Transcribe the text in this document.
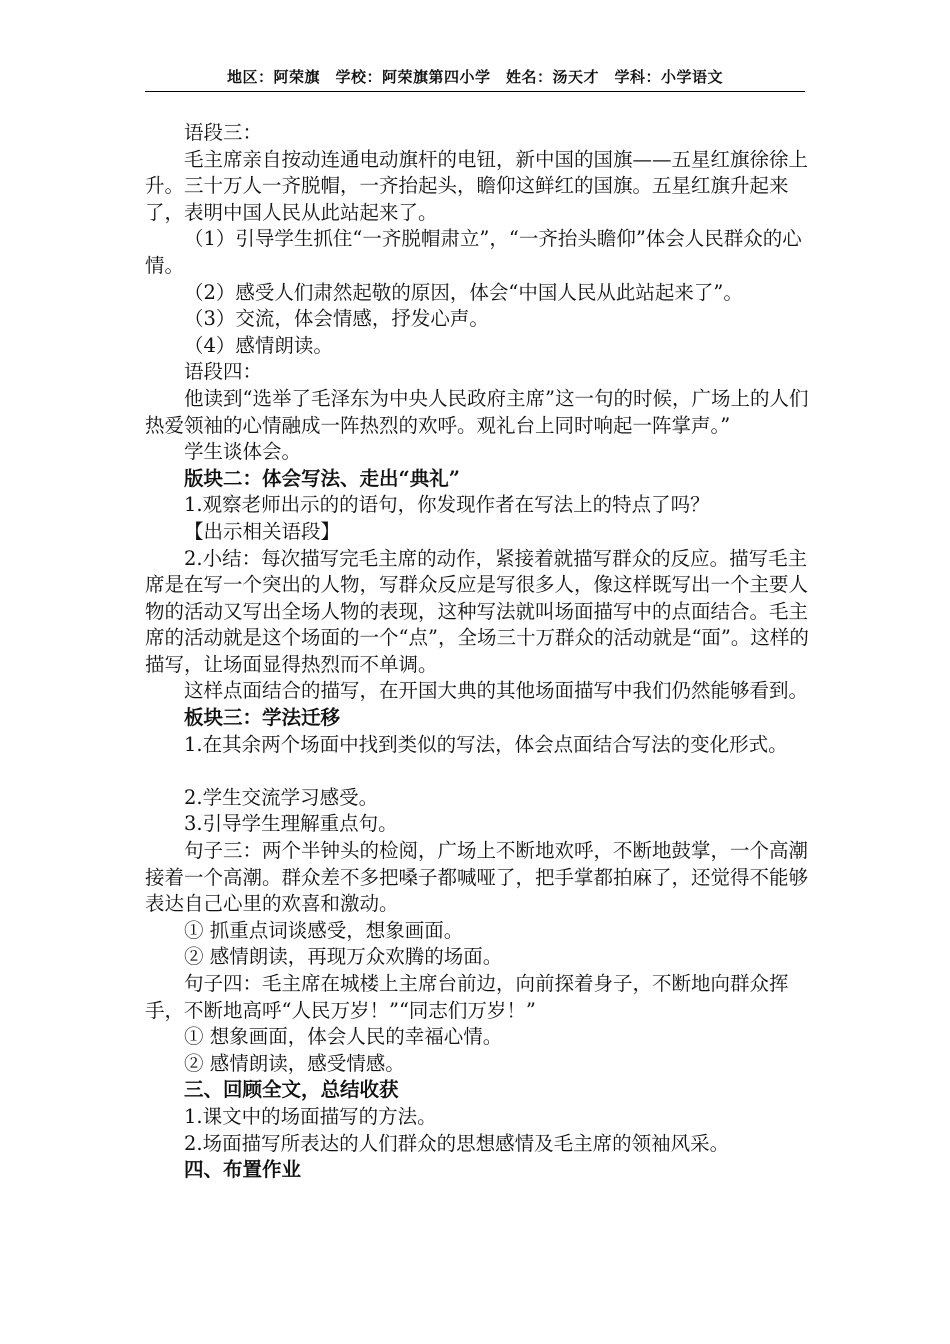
地区：阿荣旗　学校：阿荣旗第四小学　姓名：汤天才　学科：小学语文

语段三：

毛主席亲自按动连通电动旗杆的电钮，新中国的国旗——五星红旗徐徐上升。三十万人一齐脱帽，一齐抬起头，瞻仰这鲜红的国旗。五星红旗升起来了，表明中国人民从此站起来了。

（1）引导学生抓住“一齐脱帽肃立”，“一齐抬头瞻仰”体会人民群众的心情。

（2）感受人们肃然起敬的原因，体会“中国人民从此站起来了”。

（3）交流，体会情感，抒发心声。

（4）感情朗读。

语段四：

他读到“选举了毛泽东为中央人民政府主席”这一句的时候，广场上的人们热爱领袖的心情融成一阵热烈的欢呼。观礼台上同时响起一阵掌声。”

学生谈体会。

版块二：体会写法、走出“典礼”

1.观察老师出示的的语句，你发现作者在写法上的特点了吗？

【出示相关语段】

2.小结：每次描写完毛主席的动作，紧接着就描写群众的反应。描写毛主席是在写一个突出的人物，写群众反应是写很多人，像这样既写出一个主要人物的活动又写出全场人物的表现，这种写法就叫场面描写中的点面结合。毛主席的活动就是这个场面的一个“点”，全场三十万群众的活动就是“面”。这样的描写，让场面显得热烈而不单调。

这样点面结合的描写，在开国大典的其他场面描写中我们仍然能够看到。

板块三：学法迁移

1.在其余两个场面中找到类似的写法，体会点面结合写法的变化形式。

2.学生交流学习感受。

3.引导学生理解重点句。

句子三：两个半钟头的检阅，广场上不断地欢呼，不断地鼓掌，一个高潮接着一个高潮。群众差不多把嗓子都喊哑了，把手掌都拍麻了，还觉得不能够表达自己心里的欢喜和激动。

① 抓重点词谈感受，想象画面。

② 感情朗读，再现万众欢腾的场面。

句子四：毛主席在城楼上主席台前边，向前探着身子，不断地向群众挥手，不断地高呼“人民万岁！”“同志们万岁！”

① 想象画面，体会人民的幸福心情。

② 感情朗读，感受情感。

三、回顾全文，总结收获

1.课文中的场面描写的方法。

2.场面描写所表达的人们群众的思想感情及毛主席的领袖风采。

四、布置作业
